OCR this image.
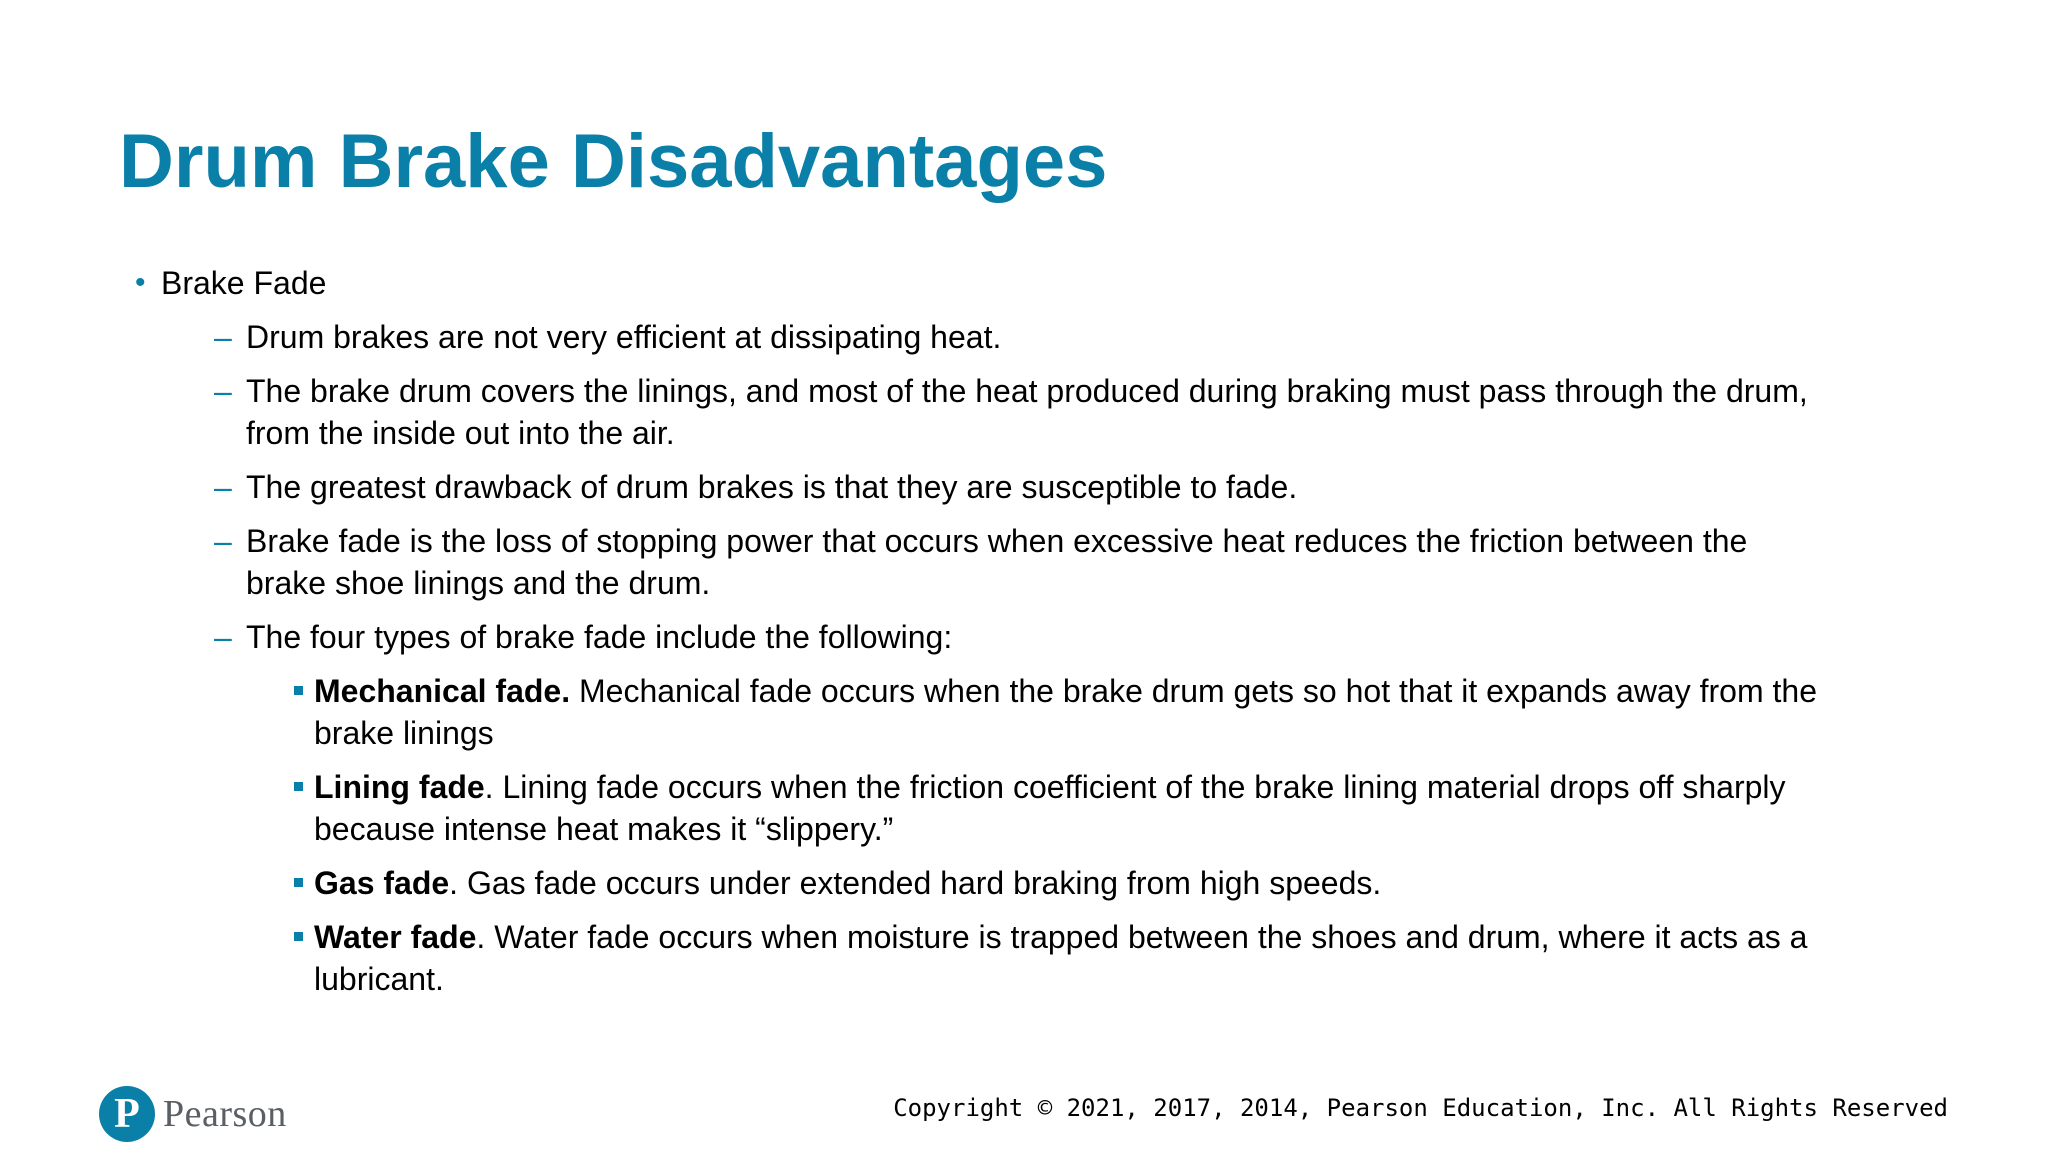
Drum Brake Disadvantages
• Brake Fade
– Drum brakes are not very efficient at dissipating heat.
– The brake drum covers the linings, and most of the heat produced during braking must pass through the drum,
from the inside out into the air.
– The greatest drawback of drum brakes is that they are susceptible to fade.
– Brake fade is the loss of stopping power that occurs when excessive heat reduces the friction between the
brake shoe linings and the drum.
– The four types of brake fade include the following:
Mechanical fade. Mechanical fade occurs when the brake drum gets so hot that it expands away from the
brake linings
Lining fade. Lining fade occurs when the friction coefficient of the brake lining material drops off sharply
because intense heat makes it “slippery.”
Gas fade. Gas fade occurs under extended hard braking from high speeds.
Water fade. Water fade occurs when moisture is trapped between the shoes and drum, where it acts as a
lubricant.
P Pearson	Copyright © 2021, 2017, 2014, Pearson Education, Inc. All Rights Reserved
